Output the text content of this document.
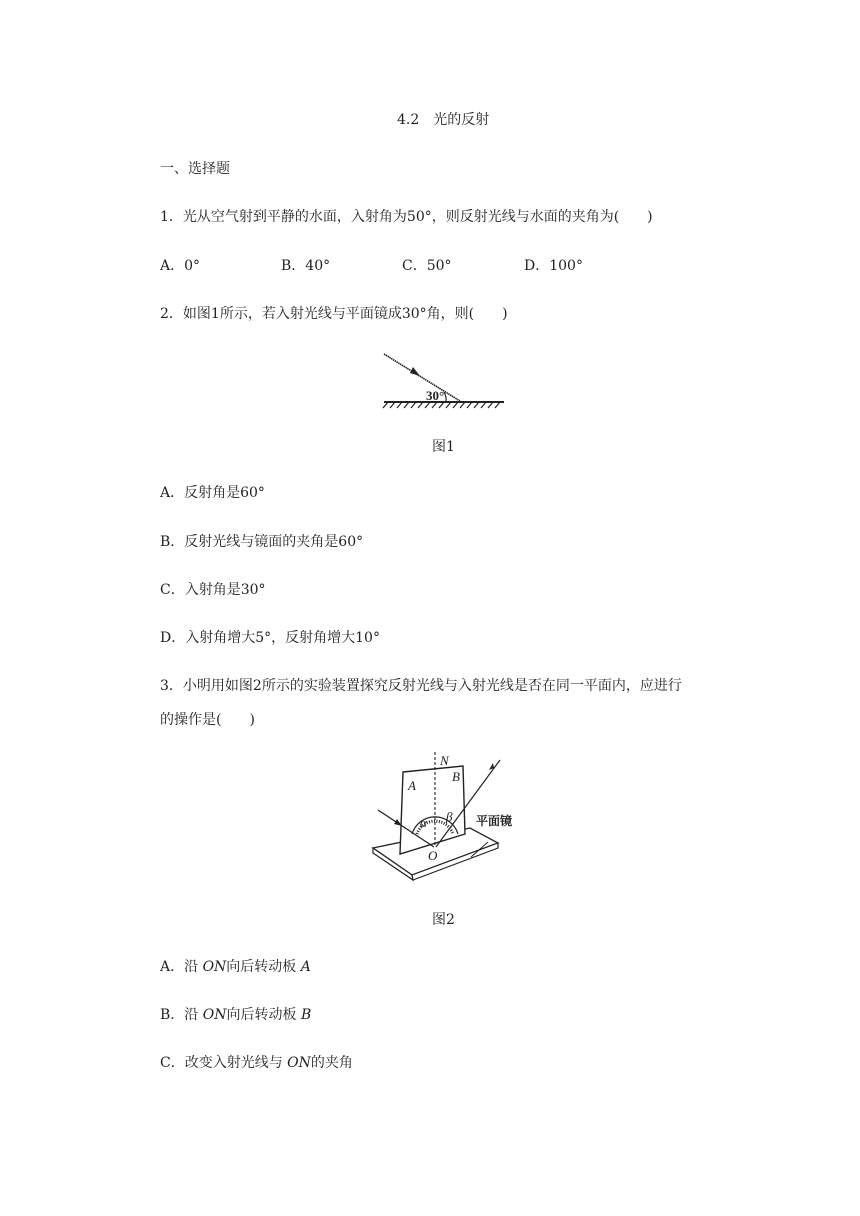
4.2　光的反射
一、选择题
1．光从空气射到平静的水面，入射角为50°，则反射光线与水面的夹角为(　　)
A．0°	B．40°	C．50°	D．100°
2．如图1所示，若入射光线与平面镜成30°角，则(　　)
30°
图1
A．反射角是60°
B．反射光线与镜面的夹角是60°
C．入射角是30°
D．入射角增大5°，反射角增大10°
3．小明用如图2所示的实验装置探究反射光线与入射光线是否在同一平面内，应进行
的操作是(　　)
N
A
B
α β
O
平面镜
图2
A．沿 ON向后转动板 A
B．沿 ON向后转动板 B
C．改变入射光线与 ON的夹角
